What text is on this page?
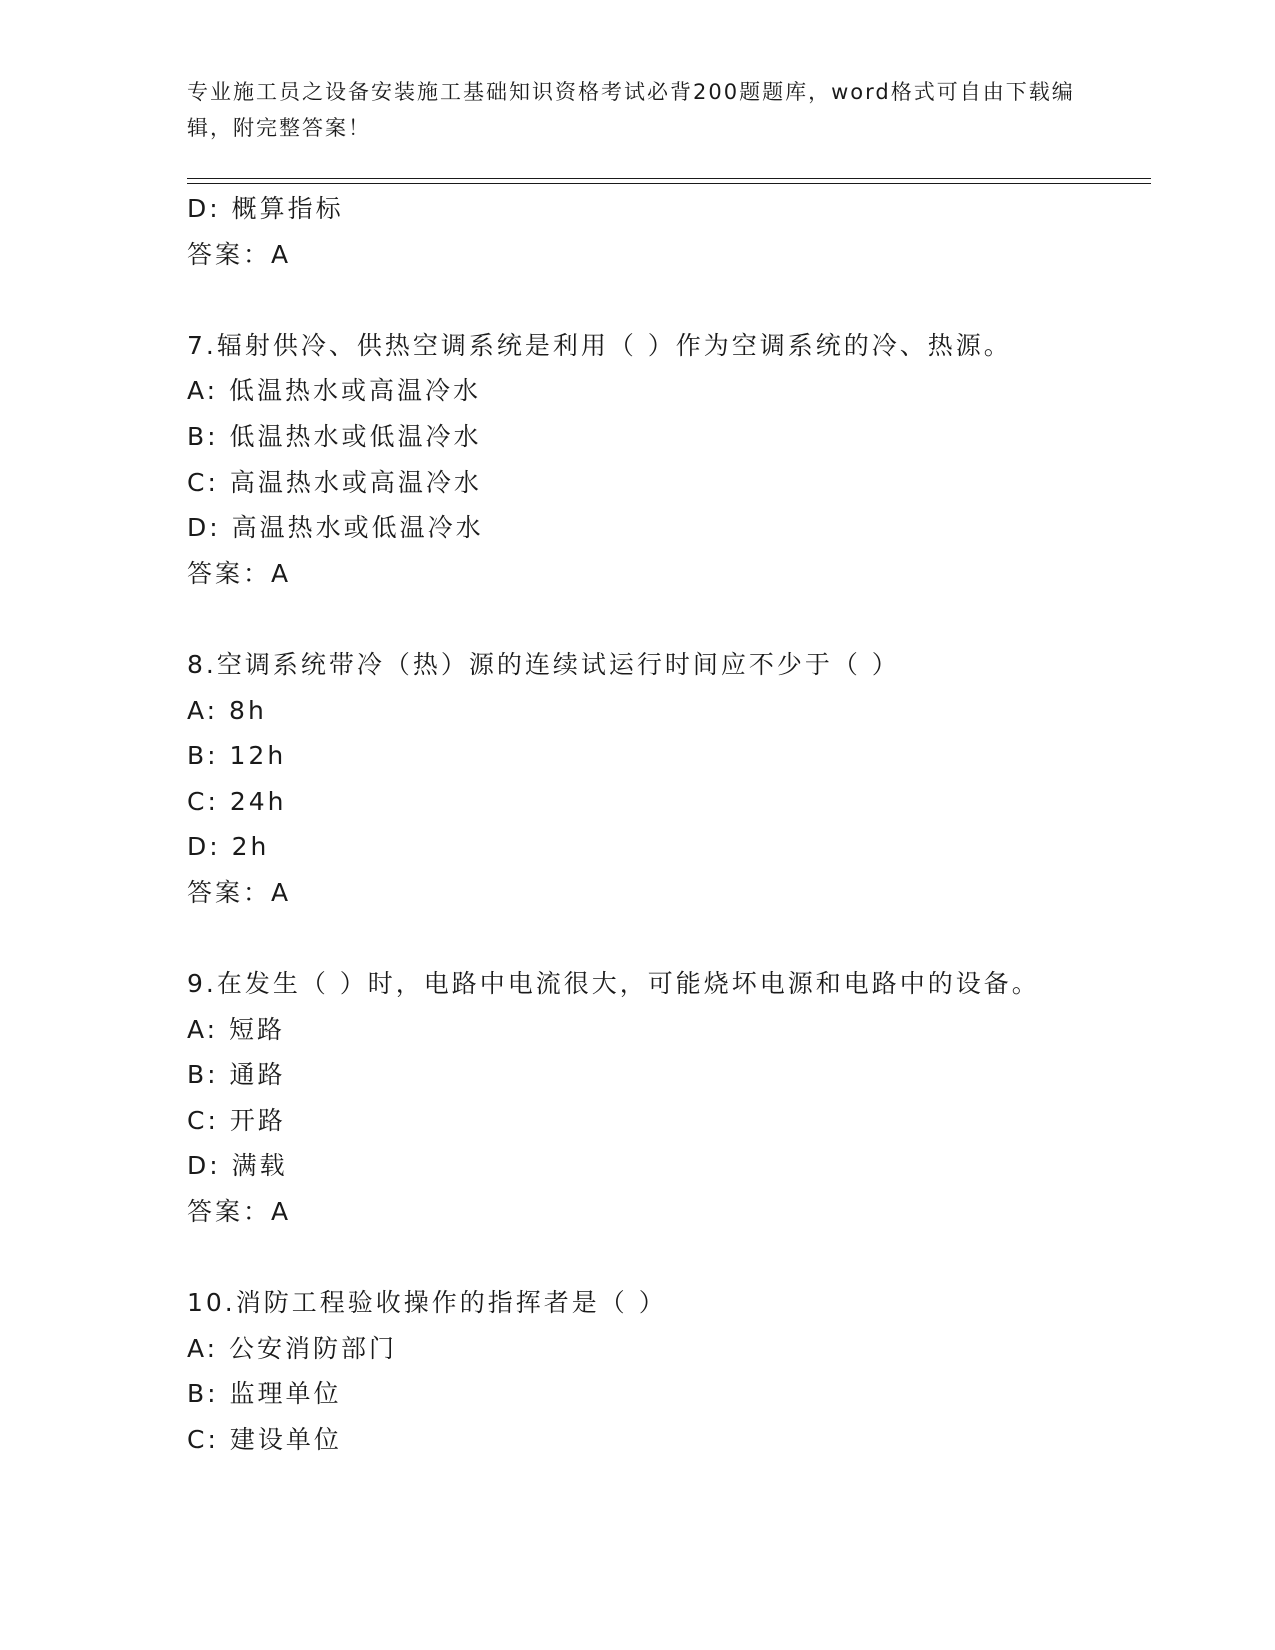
专业施工员之设备安装施工基础知识资格考试必背200题题库，word格式可自由下载编辑，附完整答案！
D: 概算指标
答案：A
7.辐射供冷、供热空调系统是利用（ ）作为空调系统的冷、热源。
A: 低温热水或高温冷水
B: 低温热水或低温冷水
C: 高温热水或高温冷水
D: 高温热水或低温冷水
答案：A
8.空调系统带冷（热）源的连续试运行时间应不少于（ ）
A: 8h
B: 12h
C: 24h
D: 2h
答案：A
9.在发生（ ）时，电路中电流很大，可能烧坏电源和电路中的设备。
A: 短路
B: 通路
C: 开路
D: 满载
答案：A
10.消防工程验收操作的指挥者是（ ）
A: 公安消防部门
B: 监理单位
C: 建设单位
